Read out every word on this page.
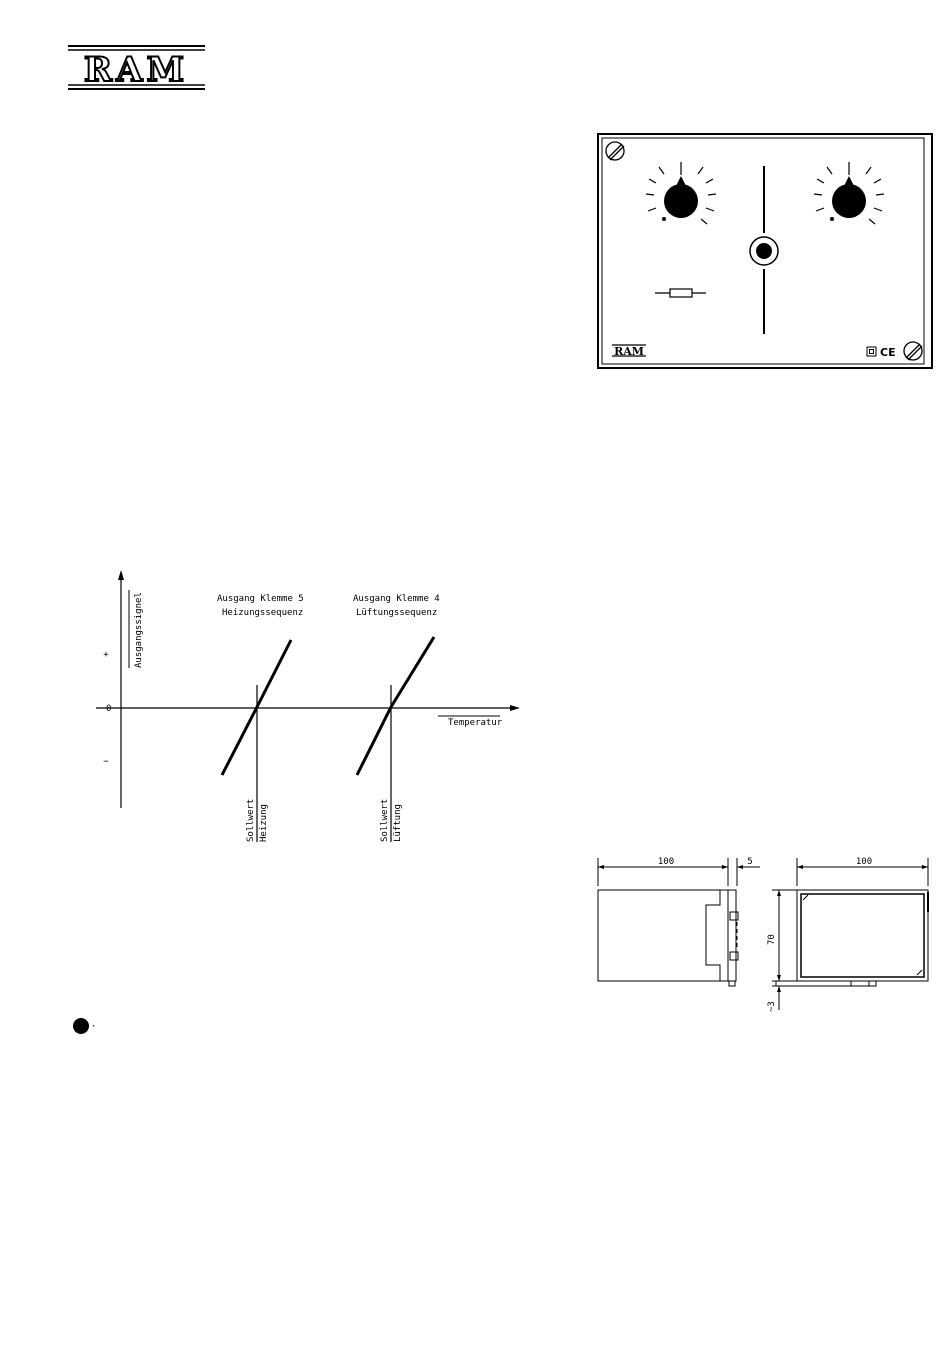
RAM
RAM	CE
Ausgangssignel
+
0
−
Temperatur
Ausgang Klemme 5
Heizungssequenz
Ausgang Klemme 4
Lüftungssequenz
Sollwert Heizung	Sollwert Lüftung
100	5	100
70
~3
·
